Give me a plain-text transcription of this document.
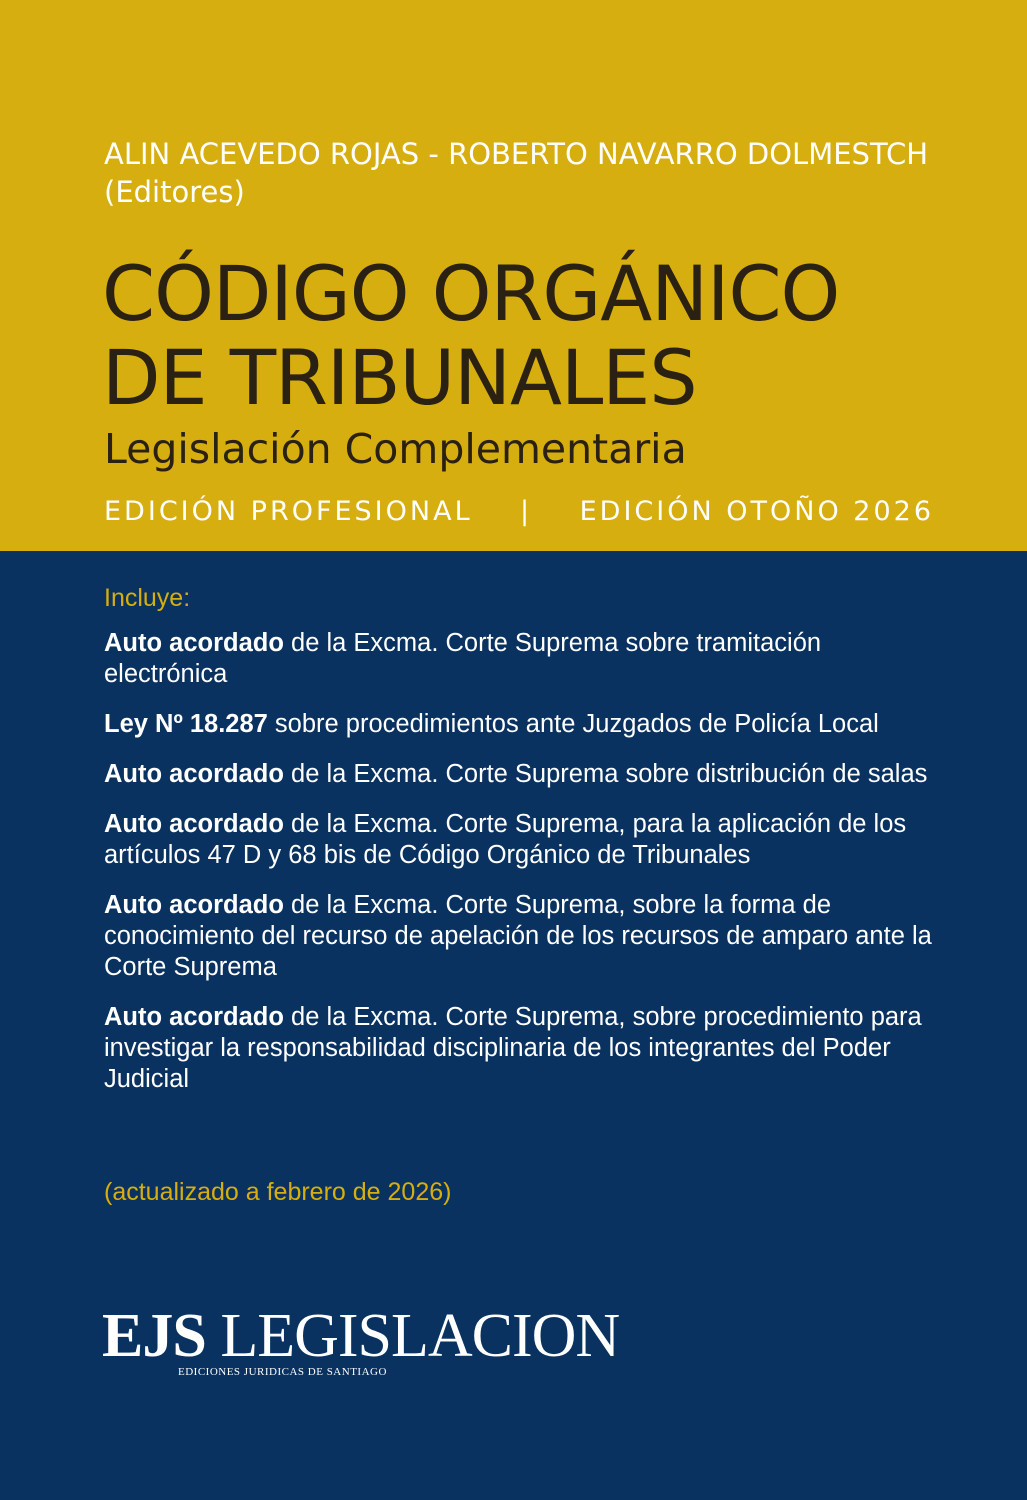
ALIN ACEVEDO ROJAS - ROBERTO NAVARRO DOLMESTCH
(Editores)
CÓDIGO ORGÁNICO
DE TRIBUNALES
Legislación Complementaria
EDICIÓN PROFESIONAL | EDICIÓN OTOÑO 2026
Incluye:
Auto acordado de la Excma. Corte Suprema sobre tramitación electrónica
Ley Nº 18.287 sobre procedimientos ante Juzgados de Policía Local
Auto acordado de la Excma. Corte Suprema sobre distribución de salas
Auto acordado de la Excma. Corte Suprema, para la aplicación de los artículos 47 D y 68 bis de Código Orgánico de Tribunales
Auto acordado de la Excma. Corte Suprema, sobre la forma de conocimiento del recurso de apelación de los recursos de amparo ante la Corte Suprema
Auto acordado de la Excma. Corte Suprema, sobre procedimiento para investigar la responsabilidad disciplinaria de los integrantes del Poder Judicial
(actualizado a febrero de 2026)
EJS LEGISLACION
EDICIONES JURIDICAS DE SANTIAGO
